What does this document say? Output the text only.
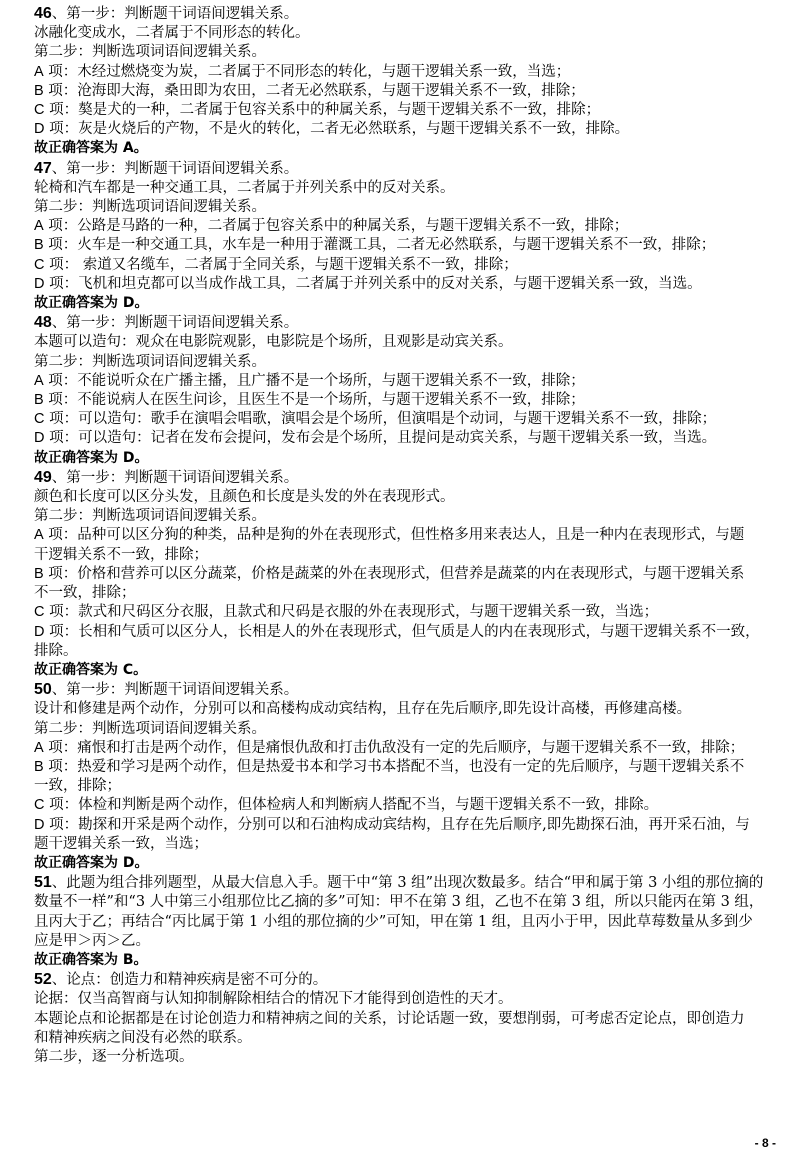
46、第一步：判断题干词语间逻辑关系。
冰融化变成水，二者属于不同形态的转化。
第二步：判断选项词语间逻辑关系。
A 项：木经过燃烧变为炭，二者属于不同形态的转化，与题干逻辑关系一致，当选；
B 项：沧海即大海，桑田即为农田，二者无必然联系，与题干逻辑关系不一致，排除；
C 项：獒是犬的一种，二者属于包容关系中的种属关系，与题干逻辑关系不一致，排除；
D 项：灰是火烧后的产物，不是火的转化，二者无必然联系，与题干逻辑关系不一致，排除。
故正确答案为 A。
47、第一步：判断题干词语间逻辑关系。
轮椅和汽车都是一种交通工具，二者属于并列关系中的反对关系。
第二步：判断选项词语间逻辑关系。
A 项：公路是马路的一种，二者属于包容关系中的种属关系，与题干逻辑关系不一致，排除；
B 项：火车是一种交通工具，水车是一种用于灌溉工具，二者无必然联系，与题干逻辑关系不一致，排除；
C 项： 索道又名缆车，二者属于全同关系，与题干逻辑关系不一致，排除；
D 项：飞机和坦克都可以当成作战工具，二者属于并列关系中的反对关系，与题干逻辑关系一致，当选。
故正确答案为 D。
48、第一步：判断题干词语间逻辑关系。
本题可以造句：观众在电影院观影，电影院是个场所，且观影是动宾关系。
第二步：判断选项词语间逻辑关系。
A 项：不能说听众在广播主播，且广播不是一个场所，与题干逻辑关系不一致，排除；
B 项：不能说病人在医生问诊，且医生不是一个场所，与题干逻辑关系不一致，排除；
C 项：可以造句：歌手在演唱会唱歌，演唱会是个场所，但演唱是个动词，与题干逻辑关系不一致，排除；
D 项：可以造句：记者在发布会提问，发布会是个场所，且提问是动宾关系，与题干逻辑关系一致，当选。
故正确答案为 D。
49、第一步：判断题干词语间逻辑关系。
颜色和长度可以区分头发，且颜色和长度是头发的外在表现形式。
第二步：判断选项词语间逻辑关系。
A 项：品种可以区分狗的种类，品种是狗的外在表现形式，但性格多用来表达人，且是一种内在表现形式，与题
干逻辑关系不一致，排除；
B 项：价格和营养可以区分蔬菜，价格是蔬菜的外在表现形式，但营养是蔬菜的内在表现形式，与题干逻辑关系
不一致，排除；
C 项：款式和尺码区分衣服，且款式和尺码是衣服的外在表现形式，与题干逻辑关系一致，当选；
D 项：长相和气质可以区分人，长相是人的外在表现形式，但气质是人的内在表现形式，与题干逻辑关系不一致，
排除。
故正确答案为 C。
50、第一步：判断题干词语间逻辑关系。
设计和修建是两个动作，分别可以和高楼构成动宾结构，且存在先后顺序,即先设计高楼，再修建高楼。
第二步：判断选项词语间逻辑关系。
A 项：痛恨和打击是两个动作，但是痛恨仇敌和打击仇敌没有一定的先后顺序，与题干逻辑关系不一致，排除；
B 项：热爱和学习是两个动作，但是热爱书本和学习书本搭配不当，也没有一定的先后顺序，与题干逻辑关系不
一致，排除；
C 项：体检和判断是两个动作，但体检病人和判断病人搭配不当，与题干逻辑关系不一致，排除。
D 项：勘探和开采是两个动作，分别可以和石油构成动宾结构，且存在先后顺序,即先勘探石油，再开采石油，与
题干逻辑关系一致，当选；
故正确答案为 D。
51、此题为组合排列题型，从最大信息入手。题干中“第 3 组”出现次数最多。结合“甲和属于第 3 小组的那位摘的
数量不一样”和“3 人中第三小组那位比乙摘的多”可知：甲不在第 3 组，乙也不在第 3 组，所以只能丙在第 3 组，
且丙大于乙；再结合“丙比属于第 1 小组的那位摘的少”可知，甲在第 1 组，且丙小于甲，因此草莓数量从多到少
应是甲＞丙＞乙。
故正确答案为 B。
52、论点：创造力和精神疾病是密不可分的。
论据：仅当高智商与认知抑制解除相结合的情况下才能得到创造性的天才。
本题论点和论据都是在讨论创造力和精神病之间的关系，讨论话题一致，要想削弱，可考虑否定论点，即创造力
和精神疾病之间没有必然的联系。
第二步，逐一分析选项。
- 8 -
